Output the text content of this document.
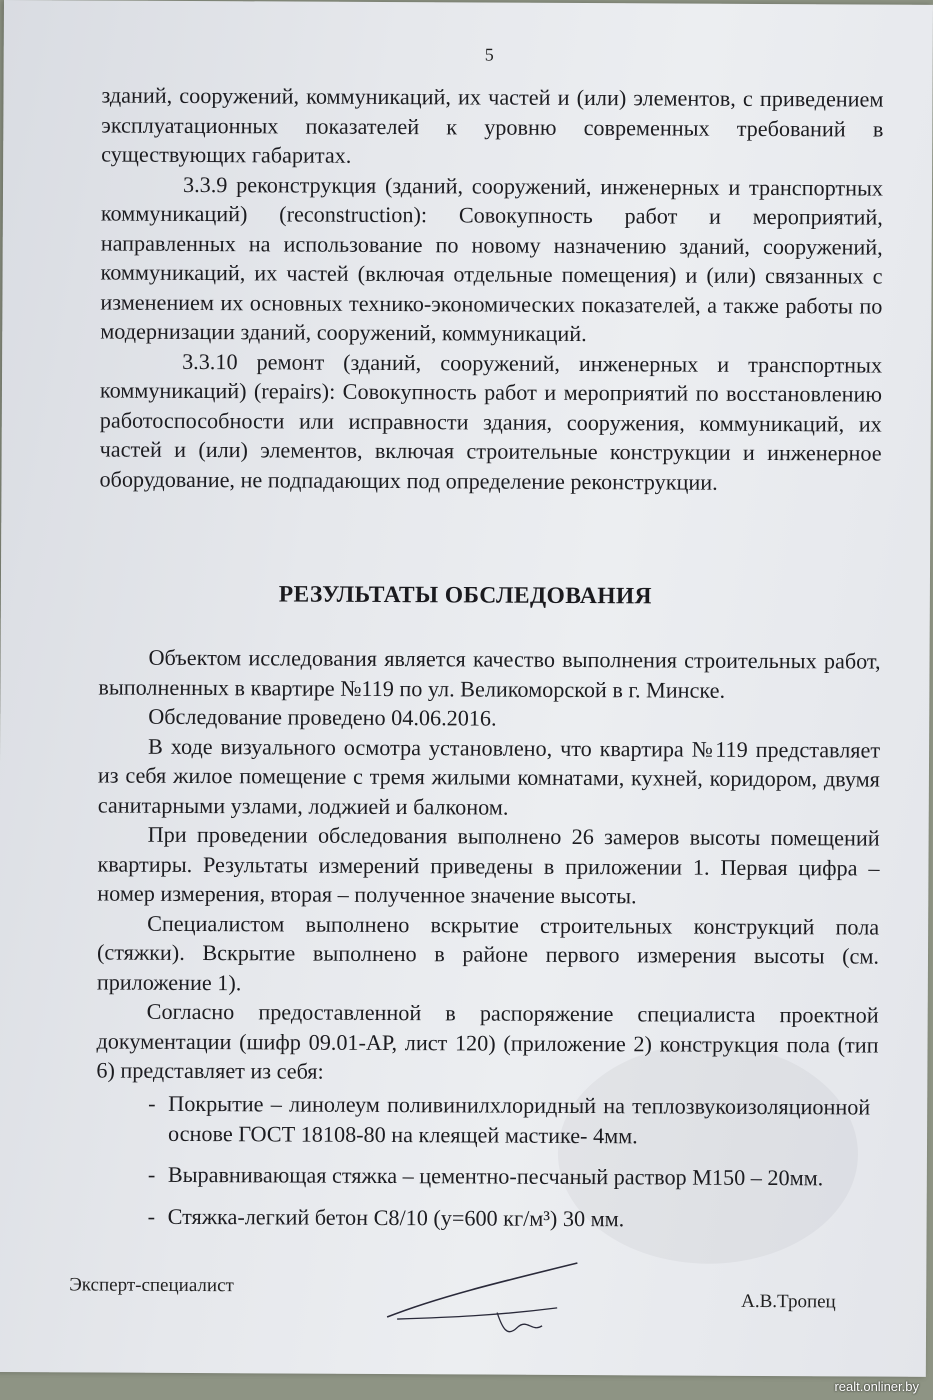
5

зданий, сооружений, коммуникаций, их частей и (или) элементов, с приведением эксплуатационных показателей к уровню современных требований в существующих габаритах.

3.3.9 реконструкция (зданий, сооружений, инженерных и транспортных коммуникаций) (reconstruction): Совокупность работ и мероприятий, направленных на использование по новому назначению зданий, сооружений, коммуникаций, их частей (включая отдельные помещения) и (или) связанных с изменением их основных технико-экономических показателей, а также работы по модернизации зданий, сооружений, коммуникаций.

3.3.10 ремонт (зданий, сооружений, инженерных и транспортных коммуникаций) (repairs): Совокупность работ и мероприятий по восстановлению работоспособности или исправности здания, сооружения, коммуникаций, их частей и (или) элементов, включая строительные конструкции и инженерное оборудование, не подпадающих под определение реконструкции.

РЕЗУЛЬТАТЫ ОБСЛЕДОВАНИЯ

Объектом исследования является качество выполнения строительных работ, выполненных в квартире №119 по ул. Великоморской в г. Минске.

Обследование проведено 04.06.2016.

В ходе визуального осмотра установлено, что квартира №119 представляет из себя жилое помещение с тремя жилыми комнатами, кухней, коридором, двумя санитарными узлами, лоджией и балконом.

При проведении обследования выполнено 26 замеров высоты помещений квартиры. Результаты измерений приведены в приложении 1. Первая цифра – номер измерения, вторая – полученное значение высоты.

Специалистом выполнено вскрытие строительных конструкций пола (стяжки). Вскрытие выполнено в районе первого измерения высоты (см. приложение 1).

Согласно предоставленной в распоряжение специалиста проектной документации (шифр 09.01-АР, лист 120) (приложение 2) конструкция пола (тип 6) представляет из себя:

- Покрытие – линолеум поливинилхлоридный на теплозвукоизоляционной основе ГОСТ 18108-80 на клеящей мастике- 4мм.
- Выравнивающая стяжка – цементно-песчаный раствор М150 – 20мм.
- Стяжка-легкий бетон С8/10 (у=600 кг/м³) 30 мм.
Эксперт-специалист
А.В.Тропец
realt.onliner.by
